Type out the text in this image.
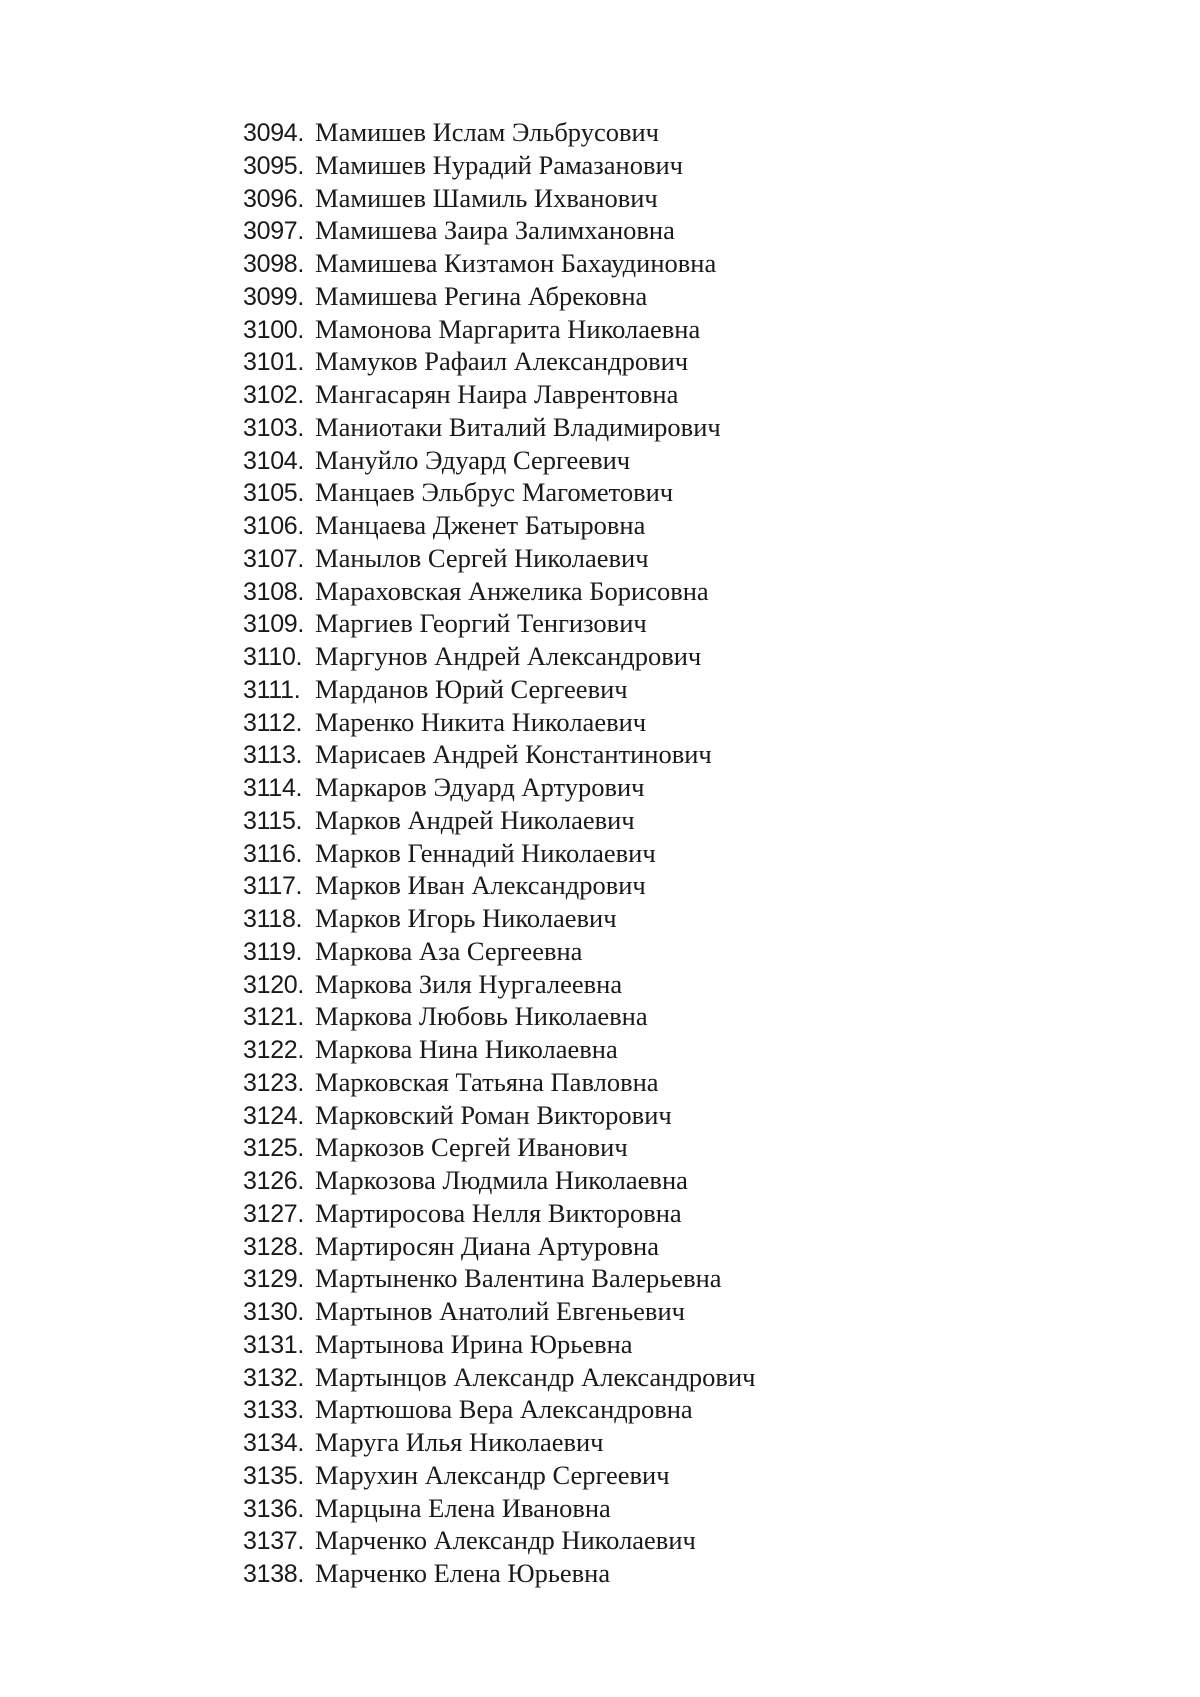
3094. Мамишев Ислам Эльбрусович
3095. Мамишев Нурадий Рамазанович
3096. Мамишев Шамиль Ихванович
3097. Мамишева Заира Залимхановна
3098. Мамишева Кизтамон Бахаудиновна
3099. Мамишева Регина Абрековна
3100. Мамонова Маргарита Николаевна
3101. Мамуков Рафаил Александрович
3102. Мангасарян Наира Лаврентовна
3103. Маниотаки Виталий Владимирович
3104. Мануйло Эдуард Сергеевич
3105. Манцаев Эльбрус Магометович
3106. Манцаева Дженет Батыровна
3107. Манылов Сергей Николаевич
3108. Мараховская Анжелика Борисовна
3109. Маргиев Георгий Тенгизович
3110. Маргунов Андрей Александрович
3111. Марданов Юрий Сергеевич
3112. Маренко Никита Николаевич
3113. Марисаев Андрей Константинович
3114. Маркаров Эдуард Артурович
3115. Марков Андрей Николаевич
3116. Марков Геннадий Николаевич
3117. Марков Иван Александрович
3118. Марков Игорь Николаевич
3119. Маркова Аза Сергеевна
3120. Маркова Зиля Нургалеевна
3121. Маркова Любовь Николаевна
3122. Маркова Нина Николаевна
3123. Марковская Татьяна Павловна
3124. Марковский Роман Викторович
3125. Маркозов Сергей Иванович
3126. Маркозова Людмила Николаевна
3127. Мартиросова Нелля Викторовна
3128. Мартиросян Диана Артуровна
3129. Мартыненко Валентина Валерьевна
3130. Мартынов Анатолий Евгеньевич
3131. Мартынова Ирина Юрьевна
3132. Мартынцов Александр Александрович
3133. Мартюшова Вера Александровна
3134. Маруга Илья Николаевич
3135. Марухин Александр Сергеевич
3136. Марцына Елена Ивановна
3137. Марченко Александр Николаевич
3138. Марченко Елена Юрьевна
